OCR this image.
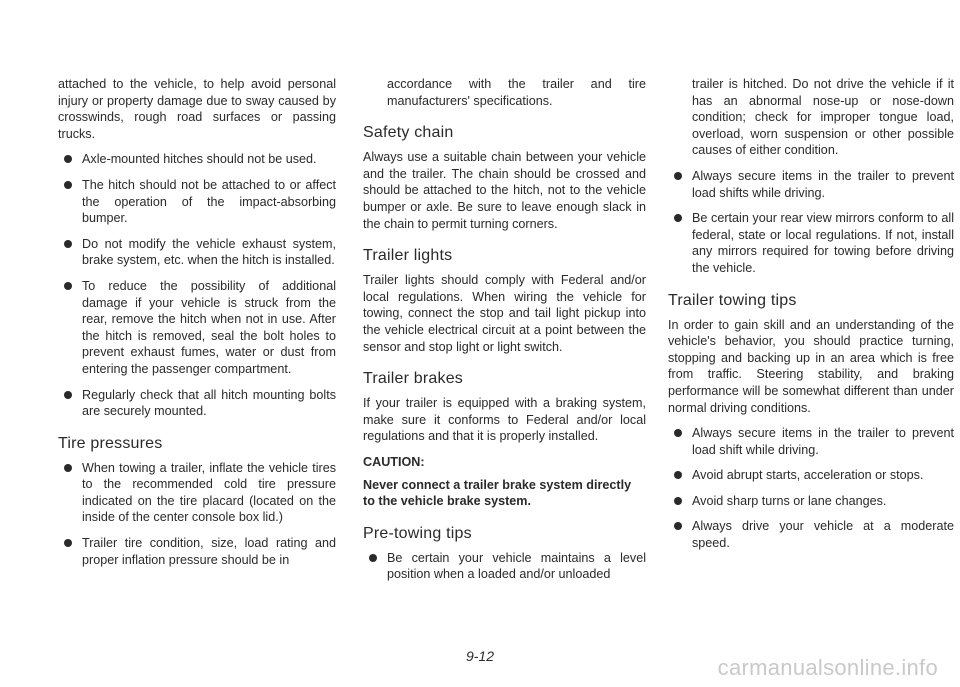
attached to the vehicle, to help avoid personal injury or property damage due to sway caused by crosswinds, rough road surfaces or passing trucks.

Axle-mounted hitches should not be used.
The hitch should not be attached to or affect the operation of the impact-absorbing bumper.
Do not modify the vehicle exhaust system, brake system, etc. when the hitch is installed.
To reduce the possibility of additional damage if your vehicle is struck from the rear, remove the hitch when not in use. After the hitch is removed, seal the bolt holes to prevent exhaust fumes, water or dust from entering the passenger compartment.
Regularly check that all hitch mounting bolts are securely mounted.
Tire pressures
When towing a trailer, inflate the vehicle tires to the recommended cold tire pressure indicated on the tire placard (located on the inside of the center console box lid.)
Trailer tire condition, size, load rating and proper inflation pressure should be in

accordance with the trailer and tire manufacturers' specifications.

Safety chain

Always use a suitable chain between your vehicle and the trailer. The chain should be crossed and should be attached to the hitch, not to the vehicle bumper or axle. Be sure to leave enough slack in the chain to permit turning corners.

Trailer lights

Trailer lights should comply with Federal and/or local regulations. When wiring the vehicle for towing, connect the stop and tail light pickup into the vehicle electrical circuit at a point between the sensor and stop light or light switch.

Trailer brakes

If your trailer is equipped with a braking system, make sure it conforms to Federal and/or local regulations and that it is properly installed.

CAUTION:
Never connect a trailer brake system directly to the vehicle brake system.
Pre-towing tips
Be certain your vehicle maintains a level position when a loaded and/or unloaded

trailer is hitched. Do not drive the vehicle if it has an abnormal nose-up or nose-down condition; check for improper tongue load, overload, worn suspension or other possible causes of either condition.

Always secure items in the trailer to prevent load shifts while driving.
Be certain your rear view mirrors conform to all federal, state or local regulations. If not, install any mirrors required for towing before driving the vehicle.
Trailer towing tips

In order to gain skill and an understanding of the vehicle's behavior, you should practice turning, stopping and backing up in an area which is free from traffic. Steering stability, and braking performance will be somewhat different than under normal driving conditions.

Always secure items in the trailer to prevent load shift while driving.
Avoid abrupt starts, acceleration or stops.
Avoid sharp turns or lane changes.
Always drive your vehicle at a moderate speed.
9-12	carmanualsonline.info
